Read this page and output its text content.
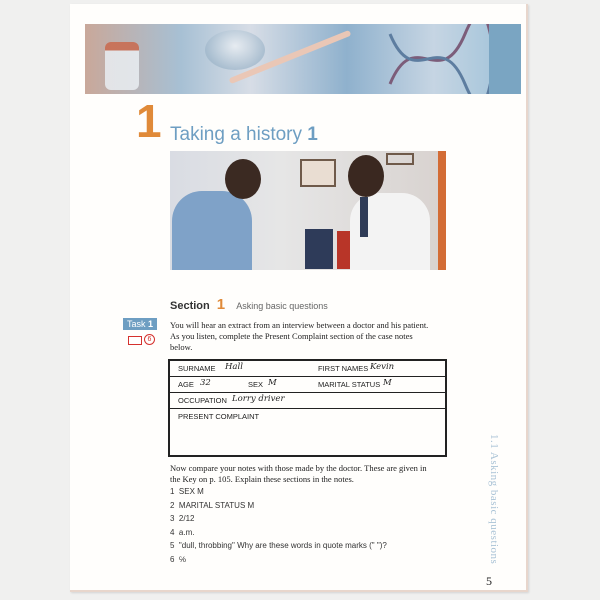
1 Taking a history 1
Section 1 Asking basic questions
Task 1
6
You will hear an extract from an interview between a doctor and his patient. As you listen, complete the Present Complaint section of the case notes below.
SURNAME Hall	FIRST NAMES Kevin
AGE 32	SEX M	MARITAL STATUS M
OCCUPATION Lorry driver
PRESENT COMPLAINT
Now compare your notes with those made by the doctor. These are given in the Key on p. 105. Explain these sections in the notes.
1 SEX M
2 MARITAL STATUS M
3 2/12
4 a.m.
5 "dull, throbbing" Why are these words in quote marks (" ")?
6 ℅	1.1 Asking basic questions
5
